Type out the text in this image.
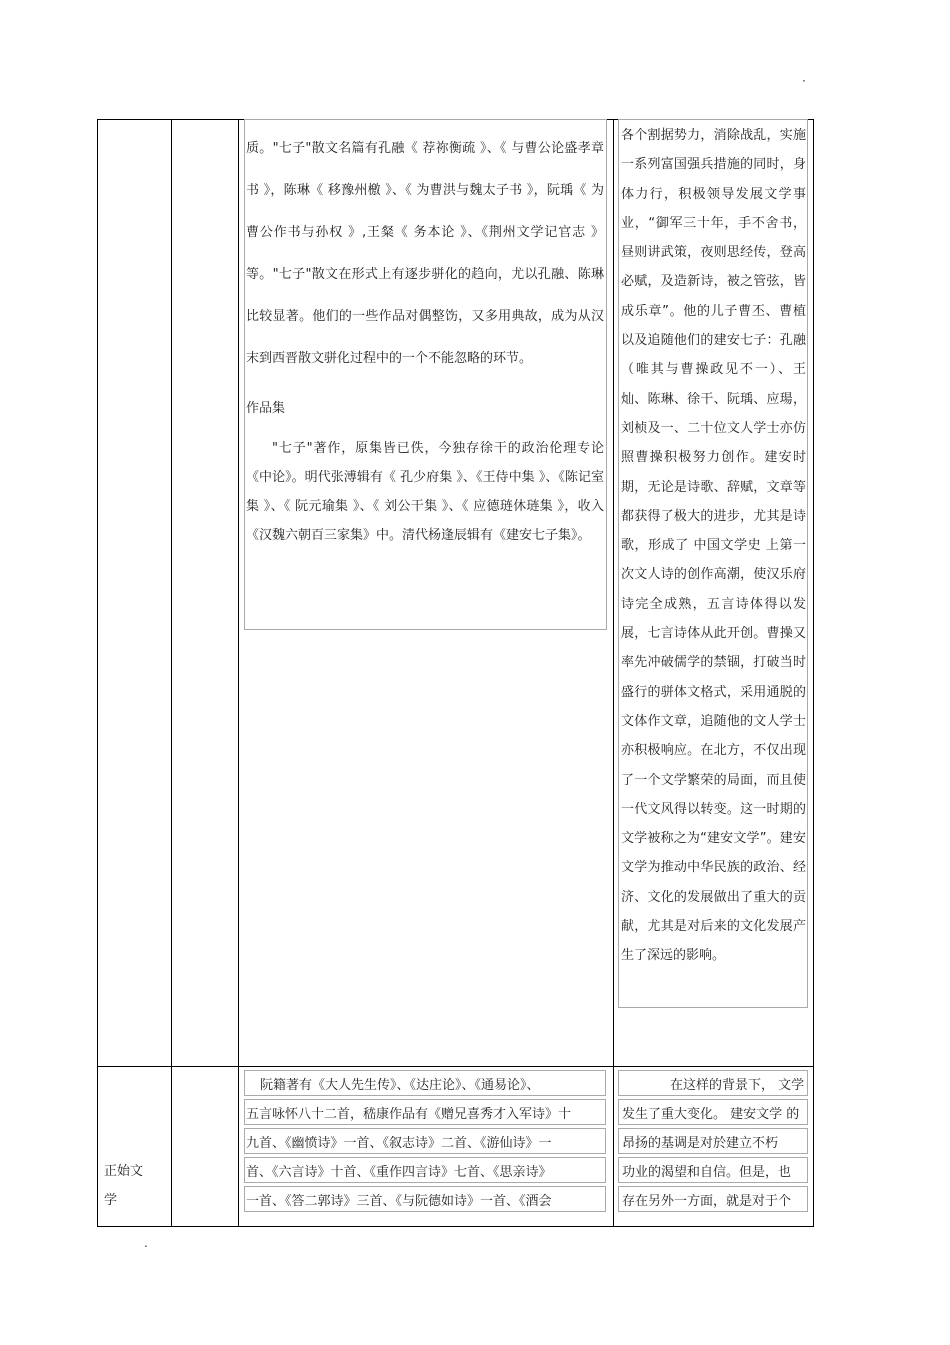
·

质。"七子"散文名篇有孔融《 荐祢衡疏 》、《 与曹公论盛孝章书 》，陈琳《 移豫州檄 》、《 为曹洪与魏太子书 》，阮瑀《 为曹公作书与孙权 》,王粲《 务本论 》、《荆州文学记官志 》等。"七子"散文在形式上有逐步骈化的趋向，尤以孔融、陈琳比较显著。他们的一些作品对偶整饬，又多用典故，成为从汉末到西晋散文骈化过程中的一个不能忽略的环节。

作品集

"七子"著作，原集皆已佚，今独存徐干的政治伦理专论《中论》。明代张溥辑有《 孔少府集 》、《王侍中集 》、《陈记室集 》、《 阮元瑜集 》、《 刘公干集 》、《 应德琏休琏集 》，收入《汉魏六朝百三家集》中。清代杨逢辰辑有《建安七子集》。

各个割据势力，消除战乱，实施一系列富国强兵措施的同时，身体力行，积极领导发展文学事业，“御军三十年，手不舍书，昼则讲武策，夜则思经传，登高必赋，及造新诗，被之管弦，皆成乐章”。他的儿子曹丕、曹植以及追随他们的建安七子：孔融（唯其与曹操政见不一）、王灿、陈琳、徐干、阮瑀、应瑒，刘桢及一、二十位文人学士亦仿照曹操积极努力创作。建安时期，无论是诗歌、辞赋，文章等都获得了极大的进步，尤其是诗歌，形成了 中国文学史 上第一次文人诗的创作高潮，使汉乐府诗完全成熟，五言诗体得以发展，七言诗体从此开创。曹操又率先冲破儒学的禁锢，打破当时盛行的骈体文格式，采用通脱的文体作文章，追随他的文人学士亦积极响应。在北方，不仅出现了一个文学繁荣的局面，而且使一代文风得以转变。这一时期的文学被称之为“建安文学”。建安文学为推动中华民族的政治、经济、文化的发展做出了重大的贡献，尤其是对后来的文化发展产生了深远的影响。

正始文
学
阮籍著有《大人先生传》、《达庄论》、《通易论》、
五言咏怀八十二首，嵇康作品有《赠兄喜秀才入军诗》十
九首、《幽愤诗》一首、《叙志诗》二首、《游仙诗》一
首、《六言诗》十首、《重作四言诗》七首、《思亲诗》
一首、《答二郭诗》三首、《与阮德如诗》一首、《酒会
在这样的背景下， 文学
发生了重大变化。 建安文学 的
昂扬的基调是对於建立不朽
功业的渴望和自信。但是，也
存在另外一方面，就是对于个
.
